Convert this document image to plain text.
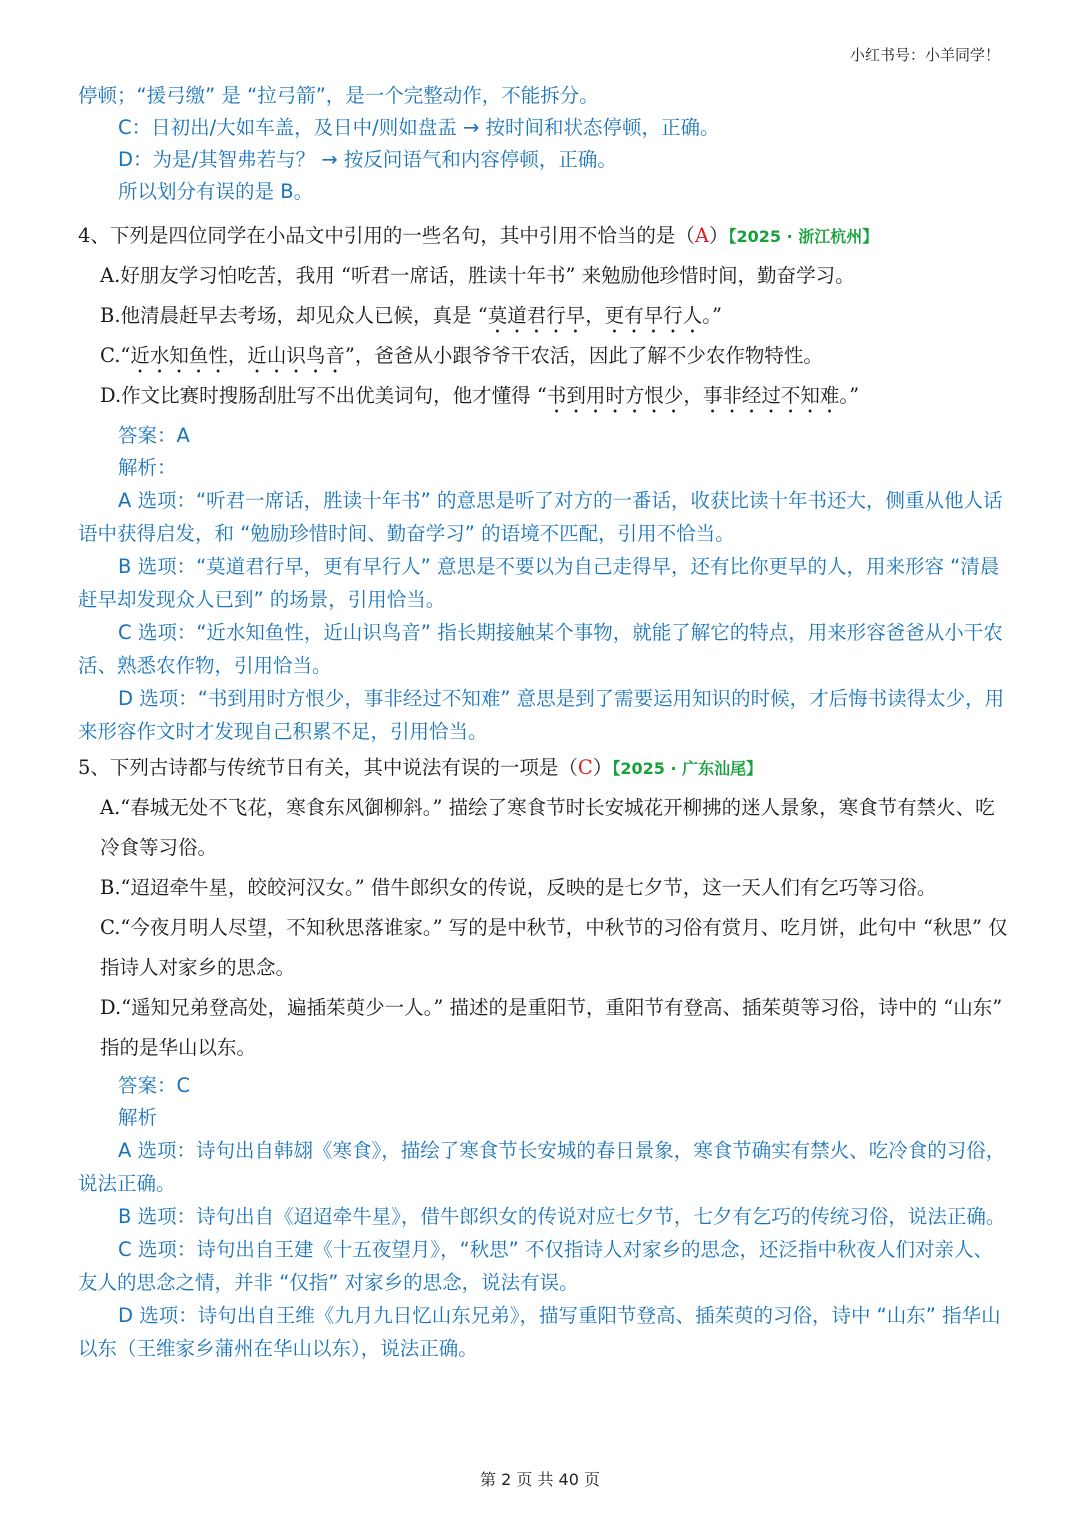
小红书号：小羊同学！
停顿；“援弓缴” 是 “拉弓箭”，是一个完整动作，不能拆分。
C：日初出/大如车盖，及日中/则如盘盂 → 按时间和状态停顿，正确。
D：为是/其智弗若与？ → 按反问语气和内容停顿，正确。
所以划分有误的是 B。
4、下列是四位同学在小品文中引用的一些名句，其中引用不恰当的是（A）【2025 · 浙江杭州】
A.好朋友学习怕吃苦，我用 “听君一席话，胜读十年书” 来勉励他珍惜时间，勤奋学习。
B.他清晨赶早去考场，却见众人已候，真是 “莫道君行早，更有早行人。”
C.“近水知鱼性，近山识鸟音”，爸爸从小跟爷爷干农活，因此了解不少农作物特性。
D.作文比赛时搜肠刮肚写不出优美词句，他才懂得 “书到用时方恨少，事非经过不知难。”
答案：A
解析：
A 选项：“听君一席话，胜读十年书” 的意思是听了对方的一番话，收获比读十年书还大，侧重从他人话语中获得启发，和 “勉励珍惜时间、勤奋学习” 的语境不匹配，引用不恰当。
B 选项：“莫道君行早，更有早行人” 意思是不要以为自己走得早，还有比你更早的人，用来形容 “清晨赶早却发现众人已到” 的场景，引用恰当。
C 选项：“近水知鱼性，近山识鸟音” 指长期接触某个事物，就能了解它的特点，用来形容爸爸从小干农活、熟悉农作物，引用恰当。
D 选项：“书到用时方恨少，事非经过不知难” 意思是到了需要运用知识的时候，才后悔书读得太少，用来形容作文时才发现自己积累不足，引用恰当。
5、下列古诗都与传统节日有关，其中说法有误的一项是（C）【2025 · 广东汕尾】
A.“春城无处不飞花，寒食东风御柳斜。” 描绘了寒食节时长安城花开柳拂的迷人景象，寒食节有禁火、吃冷食等习俗。
B.“迢迢牵牛星，皎皎河汉女。” 借牛郎织女的传说，反映的是七夕节，这一天人们有乞巧等习俗。
C.“今夜月明人尽望，不知秋思落谁家。” 写的是中秋节，中秋节的习俗有赏月、吃月饼，此句中 “秋思” 仅指诗人对家乡的思念。
D.“遥知兄弟登高处，遍插茱萸少一人。” 描述的是重阳节，重阳节有登高、插茱萸等习俗，诗中的 “山东” 指的是华山以东。
答案：C
解析
A 选项：诗句出自韩翃《寒食》，描绘了寒食节长安城的春日景象，寒食节确实有禁火、吃冷食的习俗，说法正确。
B 选项：诗句出自《迢迢牵牛星》，借牛郎织女的传说对应七夕节，七夕有乞巧的传统习俗，说法正确。
C 选项：诗句出自王建《十五夜望月》，“秋思” 不仅指诗人对家乡的思念，还泛指中秋夜人们对亲人、友人的思念之情，并非 “仅指” 对家乡的思念，说法有误。
D 选项：诗句出自王维《九月九日忆山东兄弟》，描写重阳节登高、插茱萸的习俗，诗中 “山东” 指华山以东（王维家乡蒲州在华山以东），说法正确。
第 2 页 共 40 页
